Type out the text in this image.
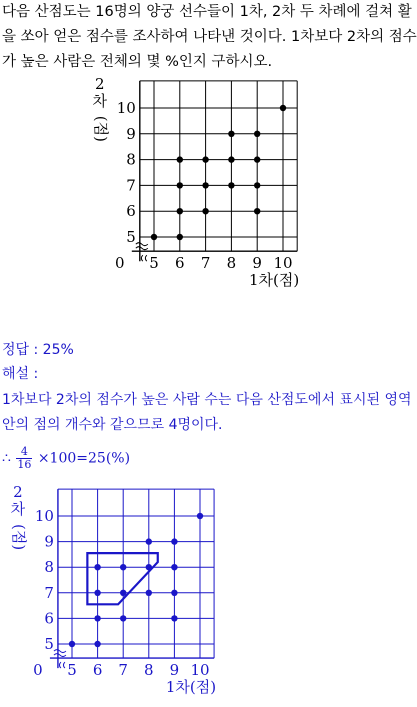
다음 산점도는 16명의 양궁 선수들이 1차, 2차 두 차례에 걸쳐 활
을 쏘아 얻은 점수를 조사하여 나타낸 것이다. 1차보다 2차의 점수
가 높은 사람은 전체의 몇 %인지 구하시오.
5 6 7 8 9 10
5
6
7
8
9
10
0
1차(점)
2
차
(점)
정답 : 25%
해설 :
1차보다 2차의 점수가 높은 사람 수는 다음 산점도에서 표시된 영역
안의 점의 개수와 같으므로 4명이다.
∴ $\frac{4}{16} \times 100=25(\%)$
5 6 7 8 9 10
5
6
7
8
9
10
0
1차(점)
2
차
(점)
